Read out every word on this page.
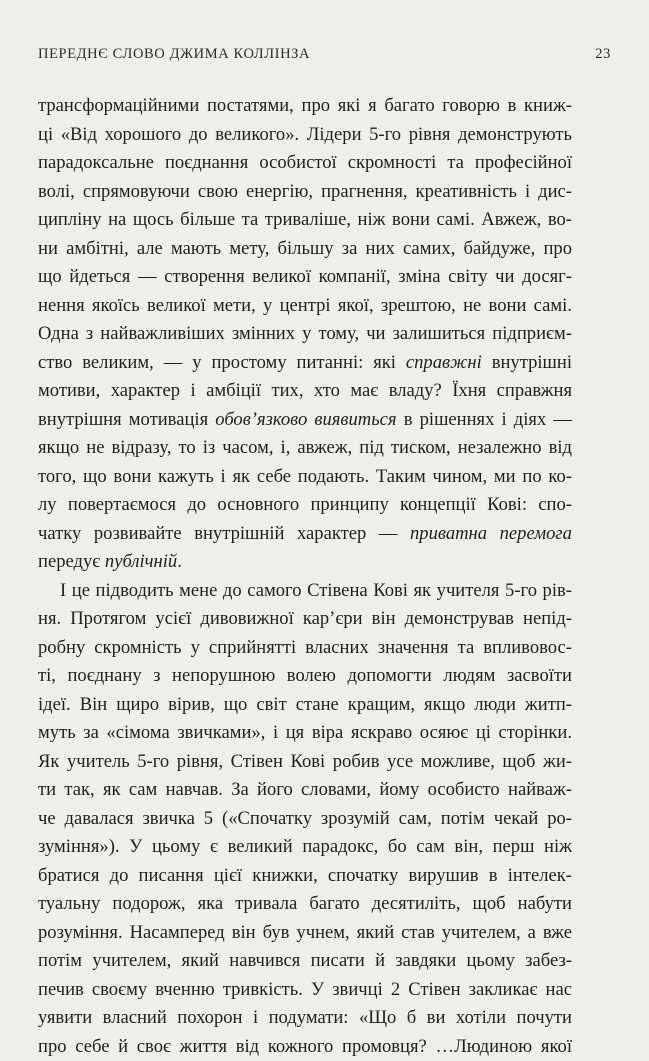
ПЕРЕДНЄ СЛОВО ДЖИМА КОЛЛІНЗА	23
трансформаційними постатями, про які я багато говорю в книж-
ці «Від хорошого до великого». Лідери 5-го рівня демонструють
парадоксальне поєднання особистої скромності та професійної
волі, спрямовуючи свою енергію, прагнення, креативність і дис-
ципліну на щось більше та триваліше, ніж вони самі. Авжеж, во-
ни амбітні, але мають мету, більшу за них самих, байдуже, про
що йдеться — створення великої компанії, зміна світу чи досяг-
нення якоїсь великої мети, у центрі якої, зрештою, не вони самі.
Одна з найважливіших змінних у тому, чи залишиться підприєм-
ство великим, — у простому питанні: які справжні внутрішні
мотиви, характер і амбіції тих, хто має владу? Їхня справжня
внутрішня мотивація обов’язково виявиться в рішеннях і діях —
якщо не відразу, то із часом, і, авжеж, під тиском, незалежно від
того, що вони кажуть і як себе подають. Таким чином, ми по ко-
лу повертаємося до основного принципу концепції Кові: спо-
чатку розвивайте внутрішній характер — приватна перемога
передує публічній.
І це підводить мене до самого Стівена Кові як учителя 5-го рів-
ня. Протягом усієї дивовижної кар’єри він демонстрував непід-
робну скромність у сприйнятті власних значення та впливовос-
ті, поєднану з непорушною волею допомогти людям засвоїти
ідеї. Він щиро вірив, що світ стане кращим, якщо люди житп-
муть за «сімома звичками», і ця віра яскраво осяює ці сторінки.
Як учитель 5-го рівня, Стівен Кові робив усе можливе, щоб жи-
ти так, як сам навчав. За його словами, йому особисто найваж-
че давалася звичка 5 («Спочатку зрозумій сам, потім чекай ро-
зуміння»). У цьому є великий парадокс, бо сам він, перш ніж
братися до писання цієї книжки, спочатку вирушив в інтелек-
туальну подорож, яка тривала багато десятиліть, щоб набути
розуміння. Насамперед він був учнем, який став учителем, а вже
потім учителем, який навчився писати й завдяки цьому забез-
печив своєму вченню тривкість. У звичці 2 Стівен закликає нас
уявити власний похорон і подумати: «Що б ви хотіли почути
про себе й своє життя від кожного промовця? …Людиною якої
